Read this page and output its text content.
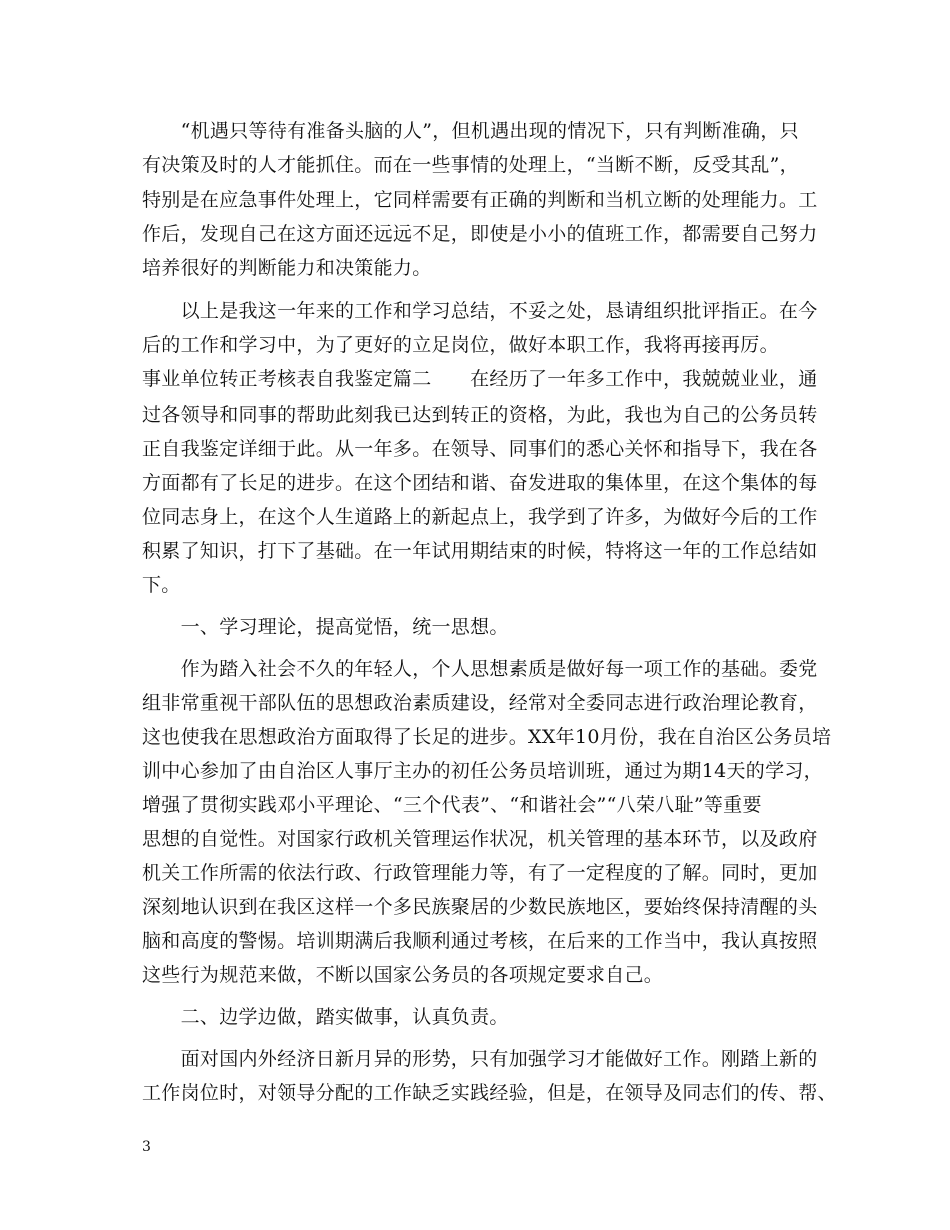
　　“机遇只等待有准备头脑的人”，但机遇出现的情况下，只有判断准确，只
有决策及时的人才能抓住。而在一些事情的处理上，“当断不断，反受其乱”，
特别是在应急事件处理上，它同样需要有正确的判断和当机立断的处理能力。工
作后，发现自己在这方面还远远不足，即使是小小的值班工作，都需要自己努力
培养很好的判断能力和决策能力。
　　以上是我这一年来的工作和学习总结，不妥之处，恳请组织批评指正。在今
后的工作和学习中，为了更好的立足岗位，做好本职工作，我将再接再厉。
事业单位转正考核表自我鉴定篇二　　在经历了一年多工作中，我兢兢业业，通
过各领导和同事的帮助此刻我已达到转正的资格，为此，我也为自己的公务员转
正自我鉴定详细于此。从一年多。在领导、同事们的悉心关怀和指导下，我在各
方面都有了长足的进步。在这个团结和谐、奋发进取的集体里，在这个集体的每
位同志身上，在这个人生道路上的新起点上，我学到了许多，为做好今后的工作
积累了知识，打下了基础。在一年试用期结束的时候，特将这一年的工作总结如
下。
　　一、学习理论，提高觉悟，统一思想。
　　作为踏入社会不久的年轻人，个人思想素质是做好每一项工作的基础。委党
组非常重视干部队伍的思想政治素质建设，经常对全委同志进行政治理论教育，
这也使我在思想政治方面取得了长足的进步。XX年10月份，我在自治区公务员培
训中心参加了由自治区人事厅主办的初任公务员培训班，通过为期14天的学习，
增强了贯彻实践邓小平理论、“三个代表”、“和谐社会”“八荣八耻”等重要
思想的自觉性。对国家行政机关管理运作状况，机关管理的基本环节，以及政府
机关工作所需的依法行政、行政管理能力等，有了一定程度的了解。同时，更加
深刻地认识到在我区这样一个多民族聚居的少数民族地区，要始终保持清醒的头
脑和高度的警惕。培训期满后我顺利通过考核，在后来的工作当中，我认真按照
这些行为规范来做，不断以国家公务员的各项规定要求自己。
　　二、边学边做，踏实做事，认真负责。
　　面对国内外经济日新月异的形势，只有加强学习才能做好工作。刚踏上新的
工作岗位时，对领导分配的工作缺乏实践经验，但是，在领导及同志们的传、帮、
3
